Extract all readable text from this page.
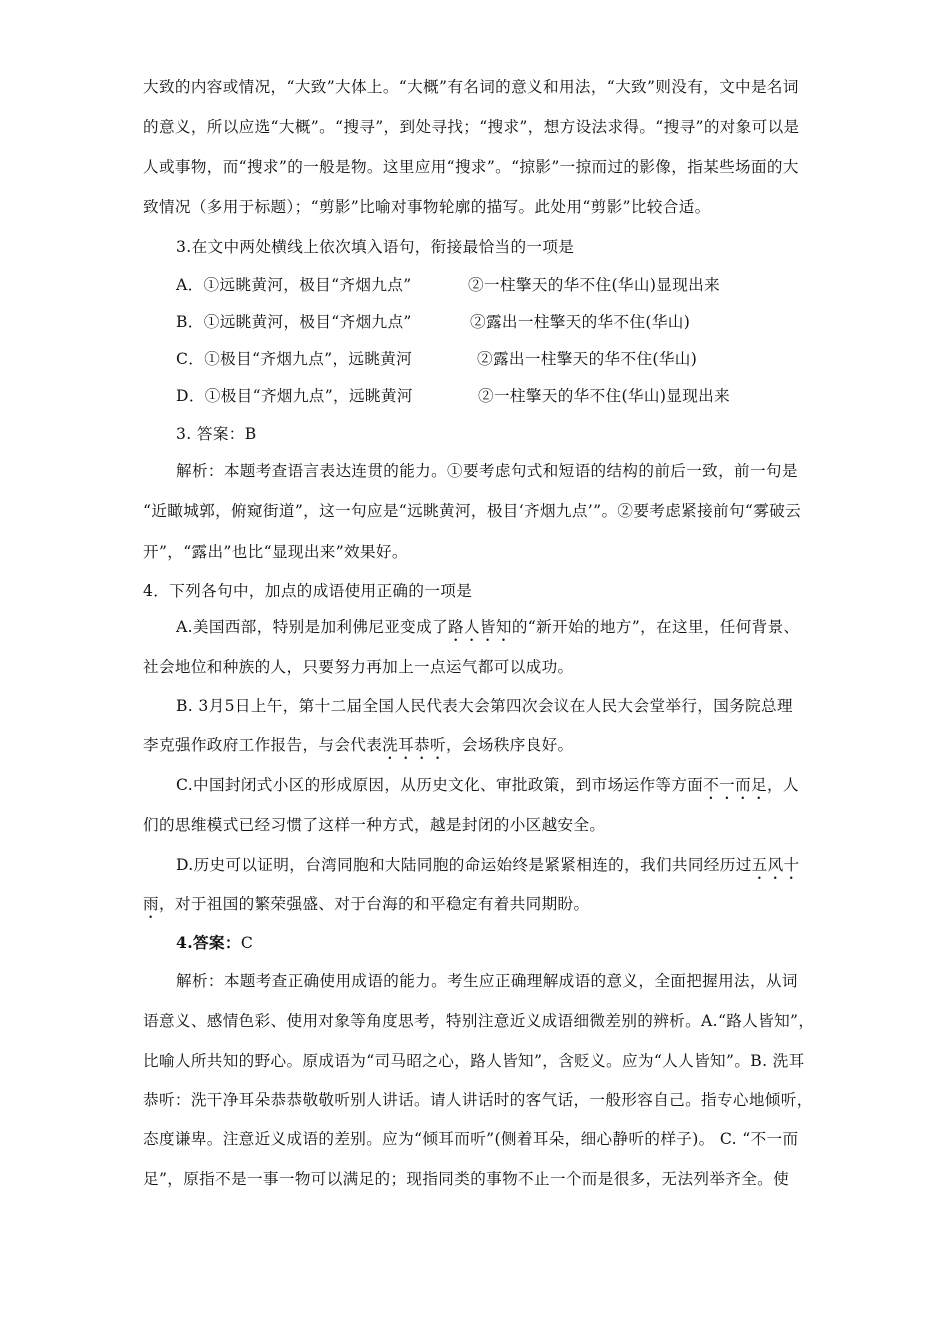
大致的内容或情况，“大致”大体上。“大概”有名词的意义和用法，“大致”则没有，文中是名词
的意义，所以应选“大概”。“搜寻”，到处寻找；“搜求”，想方设法求得。“搜寻”的对象可以是
人或事物，而“搜求”的一般是物。这里应用“搜求”。“掠影”一掠而过的影像，指某些场面的大
致情况（多用于标题）；“剪影”比喻对事物轮廓的描写。此处用“剪影”比较合适。
3.在文中两处横线上依次填入语句，衔接最恰当的一项是
A．①远眺黄河，极目“齐烟九点”	②一柱擎天的华不住(华山)显现出来
B．①远眺黄河，极目“齐烟九点”	②露出一柱擎天的华不住(华山)
C．①极目“齐烟九点”，远眺黄河	②露出一柱擎天的华不住(华山)
D．①极目“齐烟九点”，远眺黄河	②一柱擎天的华不住(华山)显现出来
3. 答案：B
解析：本题考查语言表达连贯的能力。①要考虑句式和短语的结构的前后一致，前一句是
“近瞰城郭，俯窥街道”，这一句应是“远眺黄河，极目‘齐烟九点’”。②要考虑紧接前句“雾破云
开”，“露出”也比“显现出来”效果好。
4．下列各句中，加点的成语使用正确的一项是
A.美国西部，特别是加利佛尼亚变成了路人皆知的“新开始的地方”，在这里，任何背景、
社会地位和种族的人，只要努力再加上一点运气都可以成功。
B. 3月5日上午，第十二届全国人民代表大会第四次会议在人民大会堂举行，国务院总理
李克强作政府工作报告，与会代表洗耳恭听，会场秩序良好。
C.中国封闭式小区的形成原因，从历史文化、审批政策，到市场运作等方面不一而足，人
们的思维模式已经习惯了这样一种方式，越是封闭的小区越安全。
D.历史可以证明，台湾同胞和大陆同胞的命运始终是紧紧相连的，我们共同经历过五风十
雨，对于祖国的繁荣强盛、对于台海的和平稳定有着共同期盼。
4.答案：C
解析：本题考查正确使用成语的能力。考生应正确理解成语的意义，全面把握用法，从词
语意义、感情色彩、使用对象等角度思考，特别注意近义成语细微差别的辨析。A.“路人皆知”，
比喻人所共知的野心。原成语为“司马昭之心，路人皆知”，含贬义。应为“人人皆知”。B. 洗耳
恭听：洗干净耳朵恭恭敬敬听别人讲话。请人讲话时的客气话，一般形容自己。指专心地倾听，
态度谦卑。注意近义成语的差别。应为“倾耳而听”(侧着耳朵，细心静听的样子)。 C. “不一而
足”，原指不是一事一物可以满足的；现指同类的事物不止一个而是很多，无法列举齐全。使
